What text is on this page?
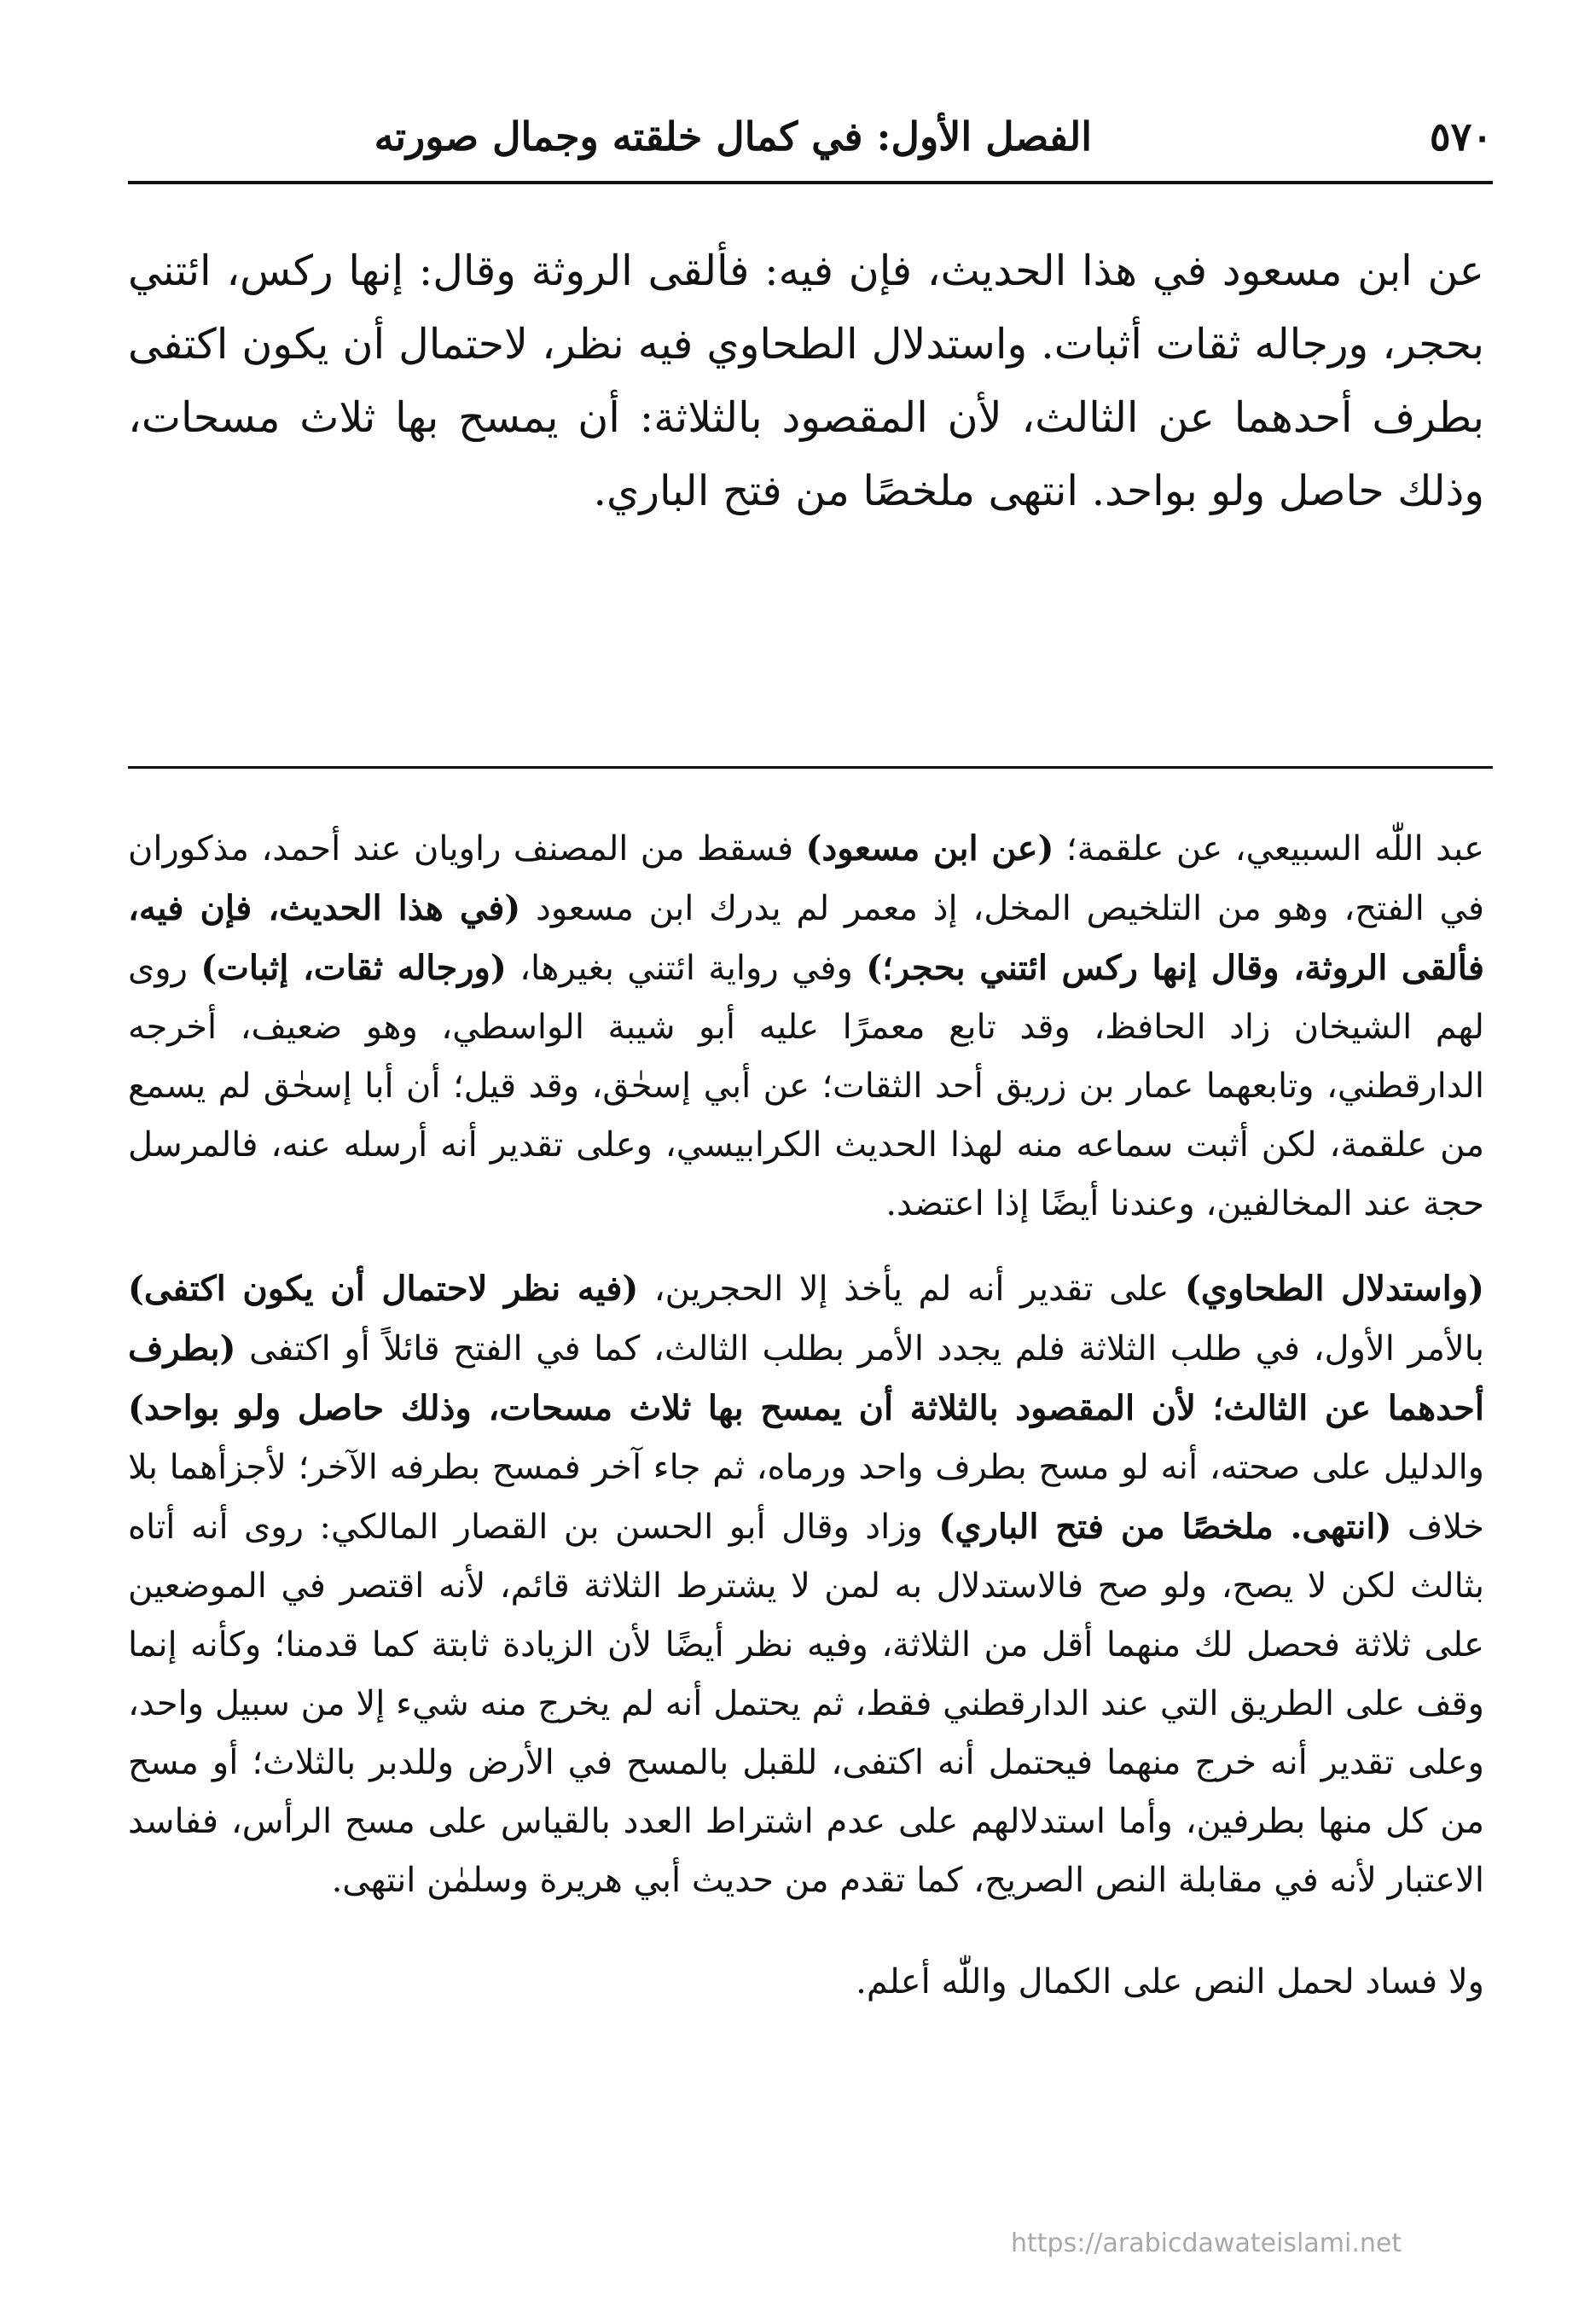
الفصل الأول: في كمال خلقته وجمال صورته	٥٧٠
عن ابن مسعود في هذا الحديث، فإن فيه: فألقى الروثة وقال: إنها ركس، ائتني بحجر، ورجاله ثقات أثبات. واستدلال الطحاوي فيه نظر، لاحتمال أن يكون اكتفى بطرف أحدهما عن الثالث، لأن المقصود بالثلاثة: أن يمسح بها ثلاث مسحات، وذلك حاصل ولو بواحد. انتهى ملخصًا من فتح الباري.

عبد اللّٰه السبيعي، عن علقمة؛ (عن ابن مسعود) فسقط من المصنف راويان عند أحمد، مذكوران في الفتح، وهو من التلخيص المخل، إذ معمر لم يدرك ابن مسعود (في هذا الحديث، فإن فيه، فألقى الروثة، وقال إنها ركس ائتني بحجر؛) وفي رواية ائتني بغيرها، (ورجاله ثقات، إثبات) روى لهم الشيخان زاد الحافظ، وقد تابع معمرًا عليه أبو شيبة الواسطي، وهو ضعيف، أخرجه الدارقطني، وتابعهما عمار بن زريق أحد الثقات؛ عن أبي إسحٰق، وقد قيل؛ أن أبا إسحٰق لم يسمع من علقمة، لكن أثبت سماعه منه لهذا الحديث الكرابيسي، وعلى تقدير أنه أرسله عنه، فالمرسل حجة عند المخالفين، وعندنا أيضًا إذا اعتضد.

(واستدلال الطحاوي) على تقدير أنه لم يأخذ إلا الحجرين، (فيه نظر لاحتمال أن يكون اكتفى) بالأمر الأول، في طلب الثلاثة فلم يجدد الأمر بطلب الثالث، كما في الفتح قائلاً أو اكتفى (بطرف أحدهما عن الثالث؛ لأن المقصود بالثلاثة أن يمسح بها ثلاث مسحات، وذلك حاصل ولو بواحد) والدليل على صحته، أنه لو مسح بطرف واحد ورماه، ثم جاء آخر فمسح بطرفه الآخر؛ لأجزأهما بلا خلاف (انتهى. ملخصًا من فتح الباري) وزاد وقال أبو الحسن بن القصار المالكي: روى أنه أتاه بثالث لكن لا يصح، ولو صح فالاستدلال به لمن لا يشترط الثلاثة قائم، لأنه اقتصر في الموضعين على ثلاثة فحصل لك منهما أقل من الثلاثة، وفيه نظر أيضًا لأن الزيادة ثابتة كما قدمنا؛ وكأنه إنما وقف على الطريق التي عند الدارقطني فقط، ثم يحتمل أنه لم يخرج منه شيء إلا من سبيل واحد، وعلى تقدير أنه خرج منهما فيحتمل أنه اكتفى، للقبل بالمسح في الأرض وللدبر بالثلاث؛ أو مسح من كل منها بطرفين، وأما استدلالهم على عدم اشتراط العدد بالقياس على مسح الرأس، ففاسد الاعتبار لأنه في مقابلة النص الصريح، كما تقدم من حديث أبي هريرة وسلمٰن انتهى.

ولا فساد لحمل النص على الكمال واللّٰه أعلم.

https://arabicdawateislami.net
